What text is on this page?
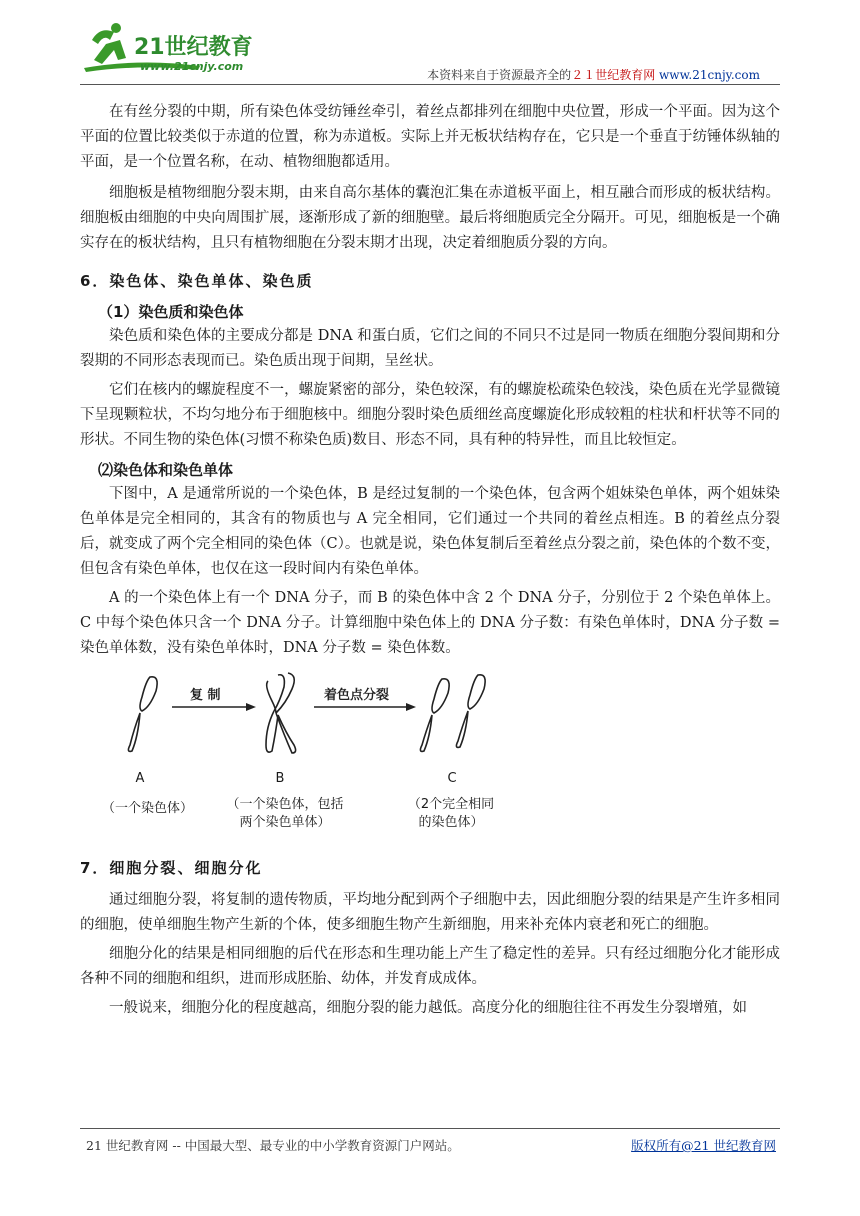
21世纪教育
www.21cnjy.com
本资料来自于资源最齐全的２１世纪教育网 www.21cnjy.com

在有丝分裂的中期，所有染色体受纺锤丝牵引，着丝点都排列在细胞中央位置，形成一个平面。因为这个平面的位置比较类似于赤道的位置，称为赤道板。实际上并无板状结构存在，它只是一个垂直于纺锤体纵轴的平面，是一个位置名称，在动、植物细胞都适用。

细胞板是植物细胞分裂末期，由来自高尔基体的囊泡汇集在赤道板平面上，相互融合而形成的板状结构。细胞板由细胞的中央向周围扩展，逐渐形成了新的细胞壁。最后将细胞质完全分隔开。可见，细胞板是一个确实存在的板状结构，且只有植物细胞在分裂末期才出现，决定着细胞质分裂的方向。

6．染色体、染色单体、染色质
（1）染色质和染色体

染色质和染色体的主要成分都是 DNA 和蛋白质，它们之间的不同只不过是同一物质在细胞分裂间期和分裂期的不同形态表现而已。染色质出现于间期，呈丝状。

它们在核内的螺旋程度不一，螺旋紧密的部分，染色较深，有的螺旋松疏染色较浅，染色质在光学显微镜下呈现颗粒状，不均匀地分布于细胞核中。细胞分裂时染色质细丝高度螺旋化形成较粗的柱状和杆状等不同的形状。不同生物的染色体(习惯不称染色质)数目、形态不同，具有种的特异性，而且比较恒定。

⑵染色体和染色单体

下图中，A 是通常所说的一个染色体，B 是经过复制的一个染色体，包含两个姐妹染色单体，两个姐妹染色单体是完全相同的，其含有的物质也与 A 完全相同，它们通过一个共同的着丝点相连。B 的着丝点分裂后，就变成了两个完全相同的染色体（C）。也就是说，染色体复制后至着丝点分裂之前，染色体的个数不变，但包含有染色单体，也仅在这一段时间内有染色单体。

A 的一个染色体上有一个 DNA 分子，而 B 的染色体中含 2 个 DNA 分子，分别位于 2 个染色单体上。C 中每个染色体只含一个 DNA 分子。计算细胞中染色体上的 DNA 分子数：有染色单体时，DNA 分子数 = 染色单体数，没有染色单体时，DNA 分子数 = 染色体数。

复 制	着色点分裂
A
（一个染色体）
B
（一个染色体，包括
两个染色单体）
C
（2个完全相同
的染色体）
7．细胞分裂、细胞分化

通过细胞分裂，将复制的遗传物质，平均地分配到两个子细胞中去，因此细胞分裂的结果是产生许多相同的细胞，使单细胞生物产生新的个体，使多细胞生物产生新细胞，用来补充体内衰老和死亡的细胞。

细胞分化的结果是相同细胞的后代在形态和生理功能上产生了稳定性的差异。只有经过细胞分化才能形成各种不同的细胞和组织，进而形成胚胎、幼体，并发育成成体。

一般说来，细胞分化的程度越高，细胞分裂的能力越低。高度分化的细胞往往不再发生分裂增殖，如

21 世纪教育网 -- 中国最大型、最专业的中小学教育资源门户网站。	版权所有@21 世纪教育网
